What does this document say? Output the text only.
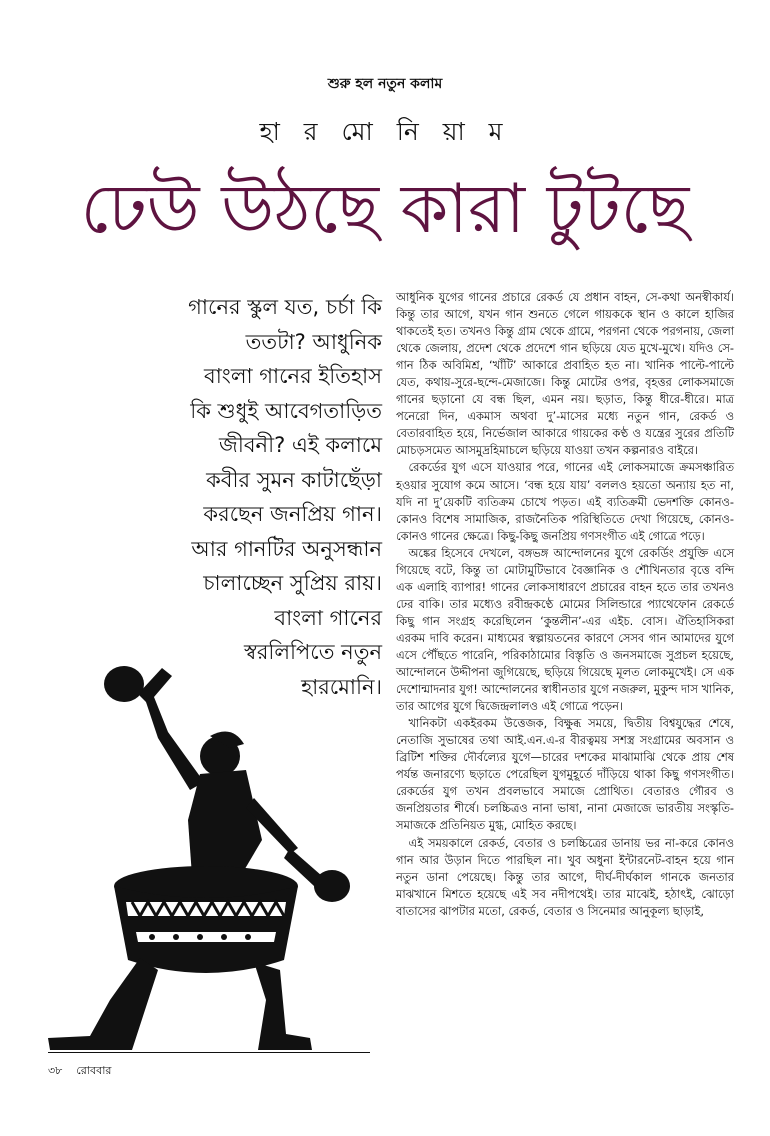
শুরু হল নতুন কলাম
হা র মো নি য়া ম
ঢেউ উঠছে কারা টুটছে
গানের স্কুল যত, চর্চা কি
ততটা? আধুনিক
বাংলা গানের ইতিহাস
কি শুধুই আবেগতাড়িত
জীবনী? এই কলামে
কবীর সুমন কাটাছেঁড়া
করছেন জনপ্রিয় গান।
আর গানটির অনুসন্ধান
চালাচ্ছেন সুপ্রিয় রায়।
বাংলা গানের
স্বরলিপিতে নতুন
হারমোনি।

আধুনিক যুগের গানের প্রচারে রেকর্ড যে প্রধান বাহন, সে-কথা অনস্বীকার্য। কিন্তু তার আগে, যখন গান শুনতে গেলে গায়ককে স্থান ও কালে হাজির থাকতেই হত। তখনও কিন্তু গ্রাম থেকে গ্রামে, পরগনা থেকে পরগনায়, জেলা থেকে জেলায়, প্রদেশ থেকে প্রদেশে গান ছড়িয়ে যেত মুখে-মুখে। যদিও সে-গান ঠিক অবিমিশ্র, ‘খাঁটি’ আকারে প্রবাহিত হত না। খানিক পাল্টে-পাল্টে যেত, কথায়-সুরে-ছন্দে-মেজাজে। কিন্তু মোটের ওপর, বৃহত্তর লোকসমাজে গানের ছড়ানো যে বন্ধ ছিল, এমন নয়। ছড়াত, কিন্তু ধীরে-ধীরে। মাত্র পনেরো দিন, একমাস অথবা দু’-মাসের মধ্যে নতুন গান, রেকর্ড ও বেতারবাহিত হয়ে, নির্ভেজাল আকারে গায়কের কণ্ঠ ও যন্ত্রের সুরের প্রতিটি মোচড়সমেত আসমুদ্রহিমাচলে ছড়িয়ে যাওয়া তখন কল্পনারও বাইরে।

রেকর্ডের যুগ এসে যাওয়ার পরে, গানের এই লোকসমাজে ক্রমসঞ্চারিত হওয়ার সুযোগ কমে আসে। ‘বন্ধ হয়ে যায়’ বললও হয়তো অন্যায় হত না, যদি না দু’য়েকটি ব্যতিক্রম চোখে পড়ত। এই ব্যতিক্রমী ভেদশক্তি কোনও-কোনও বিশেষ সামাজিক, রাজনৈতিক পরিস্থিতিতে দেখা গিয়েছে, কোনও-কোনও গানের ক্ষেত্রে। কিছু-কিছু জনপ্রিয় গণসংগীত এই গোত্রে পড়ে।

অঙ্কের হিসেবে দেখলে, বঙ্গভঙ্গ আন্দোলনের যুগে রেকর্ডিং প্রযুক্তি এসে গিয়েছে বটে, কিন্তু তা মোটামুটিভাবে বৈজ্ঞানিক ও শৌখিনতার বৃত্তে বন্দি এক এলাহি ব্যাপার! গানের লোকসাধারণে প্রচারের বাহন হতে তার তখনও ঢের বাকি। তার মধ্যেও রবীন্দ্রকণ্ঠে মোমের সিলিন্ডারে প্যাথেফোন রেকর্ডে কিছু গান সংগ্রহ করেছিলেন ‘কুন্তলীন’-এর এইচ. বোস। ঐতিহাসিকরা এরকম দাবি করেন। মাধ্যমের স্বল্পায়তনের কারণে সেসব গান আমাদের যুগে এসে পৌঁছতে পারেনি, পরিকাঠামোর বিস্তৃতি ও জনসমাজে সুপ্রচল হয়েছে, আন্দোলনে উদ্দীপনা জুগিয়েছে, ছড়িয়ে গিয়েছে মূলত লোকমুখেই। সে এক দেশোন্মাদনার যুগ! আন্দোলনের স্বাধীনতার যুগে নজরুল, মুকুন্দ দাস খানিক, তার আগের যুগে দ্বিজেন্দ্রলালও এই গোত্রে পড়েন।

খানিকটা একইরকম উত্তেজক, বিক্ষুব্ধ সময়ে, দ্বিতীয় বিশ্বযুদ্ধের শেষে, নেতাজি সুভাষের তথা আই.এন.এ-র বীরত্বময় সশস্ত্র সংগ্রামের অবসান ও ব্রিটিশ শক্তির দৌর্বল্যের যুগে—চারের দশকের মাঝামাঝি থেকে প্রায় শেষ পর্যন্ত জনারণ্যে ছড়াতে পেরেছিল যুগমুহূর্তে দাঁড়িয়ে থাকা কিছু গণসংগীত। রেকর্ডের যুগ তখন প্রবলভাবে সমাজে প্রোথিত। বেতারও গৌরব ও জনপ্রিয়তার শীর্ষে। চলচ্চিত্রও নানা ভাষা, নানা মেজাজে ভারতীয় সংস্কৃতি-সমাজকে প্রতিনিয়ত মুগ্ধ, মোহিত করছে।

এই সময়কালে রেকর্ড, বেতার ও চলচ্চিত্রের ডানায় ভর না-করে কোনও গান আর উড়ান দিতে পারছিল না। খুব অধুনা ইন্টারনেট-বাহন হয়ে গান নতুন ডানা পেয়েছে। কিন্তু তার আগে, দীর্ঘ-দীর্ঘকাল গানকে জনতার মাঝখানে মিশতে হয়েছে এই সব নদীপথেই। তার মাঝেই, হঠাৎই, ঝোড়ো বাতাসের ঝাপটার মতো, রেকর্ড, বেতার ও সিনেমার আনুকূল্য ছাড়াই,

৩৮ রোববার
